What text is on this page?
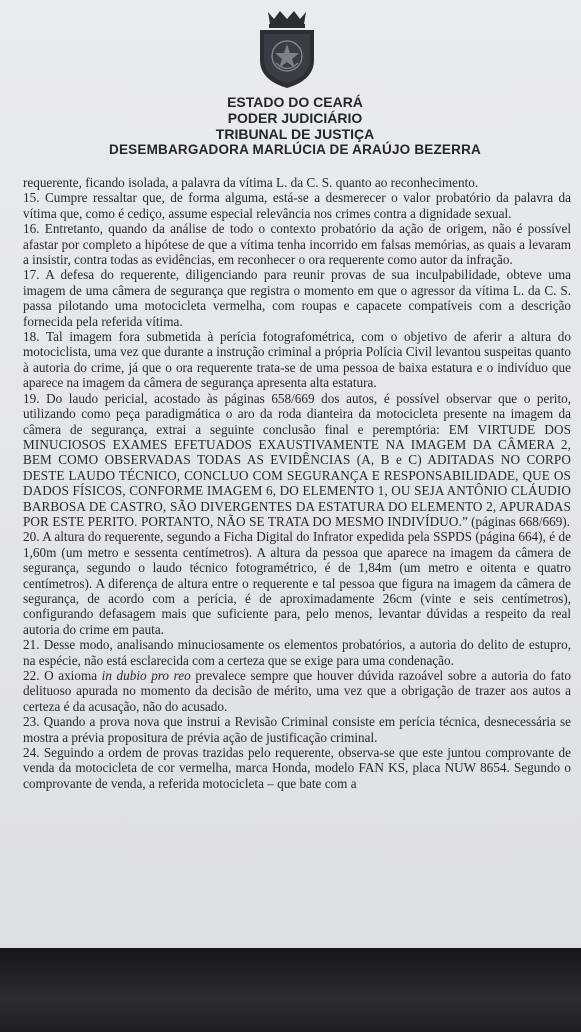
ESTADO DO CEARÁ
PODER JUDICIÁRIO
TRIBUNAL DE JUSTIÇA
DESEMBARGADORA MARLÚCIA DE ARAÚJO BEZERRA

requerente, ficando isolada, a palavra da vítima L. da C. S. quanto ao reconhecimento.

15. Cumpre ressaltar que, de forma alguma, está-se a desmerecer o valor probatório da palavra da vítima que, como é cediço, assume especial relevância nos crimes contra a dignidade sexual.

16. Entretanto, quando da análise de todo o contexto probatório da ação de origem, não é possível afastar por completo a hipótese de que a vítima tenha incorrido em falsas memórias, as quais a levaram a insistir, contra todas as evidências, em reconhecer o ora requerente como autor da infração.

17. A defesa do requerente, diligenciando para reunir provas de sua inculpabilidade, obteve uma imagem de uma câmera de segurança que registra o momento em que o agressor da vítima L. da C. S. passa pilotando uma motocicleta vermelha, com roupas e capacete compatíveis com a descrição fornecida pela referida vítima.

18. Tal imagem fora submetida à perícia fotografométrica, com o objetivo de aferir a altura do motociclista, uma vez que durante a instrução criminal a própria Polícia Civil levantou suspeitas quanto à autoria do crime, já que o ora requerente trata-se de uma pessoa de baixa estatura e o indivíduo que aparece na imagem da câmera de segurança apresenta alta estatura.

19. Do laudo pericial, acostado às páginas 658/669 dos autos, é possível observar que o perito, utilizando como peça paradigmática o aro da roda dianteira da motocicleta presente na imagem da câmera de segurança, extrai a seguinte conclusão final e peremptória: EM VIRTUDE DOS MINUCIOSOS EXAMES EFETUADOS EXAUSTIVAMENTE NA IMAGEM DA CÂMERA 2, BEM COMO OBSERVADAS TODAS AS EVIDÊNCIAS (A, B e C) ADITADAS NO CORPO DESTE LAUDO TÉCNICO, CONCLUO COM SEGURANÇA E RESPONSABILIDADE, QUE OS DADOS FÍSICOS, CONFORME IMAGEM 6, DO ELEMENTO 1, OU SEJA ANTÔNIO CLÁUDIO BARBOSA DE CASTRO, SÃO DIVERGENTES DA ESTATURA DO ELEMENTO 2, APURADAS POR ESTE PERITO. PORTANTO, NÃO SE TRATA DO MESMO INDIVÍDUO.” (páginas 668/669).

20. A altura do requerente, segundo a Ficha Digital do Infrator expedida pela SSPDS (página 664), é de 1,60m (um metro e sessenta centímetros). A altura da pessoa que aparece na imagem da câmera de segurança, segundo o laudo técnico fotogramétrico, é de 1,84m (um metro e oitenta e quatro centímetros). A diferença de altura entre o requerente e tal pessoa que figura na imagem da câmera de segurança, de acordo com a perícia, é de aproximadamente 26cm (vinte e seis centímetros), configurando defasagem mais que suficiente para, pelo menos, levantar dúvidas a respeito da real autoria do crime em pauta.

21. Desse modo, analisando minuciosamente os elementos probatórios, a autoria do delito de estupro, na espécie, não está esclarecida com a certeza que se exige para uma condenação.

22. O axioma in dubio pro reo prevalece sempre que houver dúvida razoável sobre a autoria do fato delituoso apurada no momento da decisão de mérito, uma vez que a obrigação de trazer aos autos a certeza é da acusação, não do acusado.

23. Quando a prova nova que instrui a Revisão Criminal consiste em perícia técnica, desnecessária se mostra a prévia propositura de prévia ação de justificação criminal.

24. Seguindo a ordem de provas trazidas pelo requerente, observa-se que este juntou comprovante de venda da motocicleta de cor vermelha, marca Honda, modelo FAN KS, placa NUW 8654. Segundo o comprovante de venda, a referida motocicleta – que bate com a
